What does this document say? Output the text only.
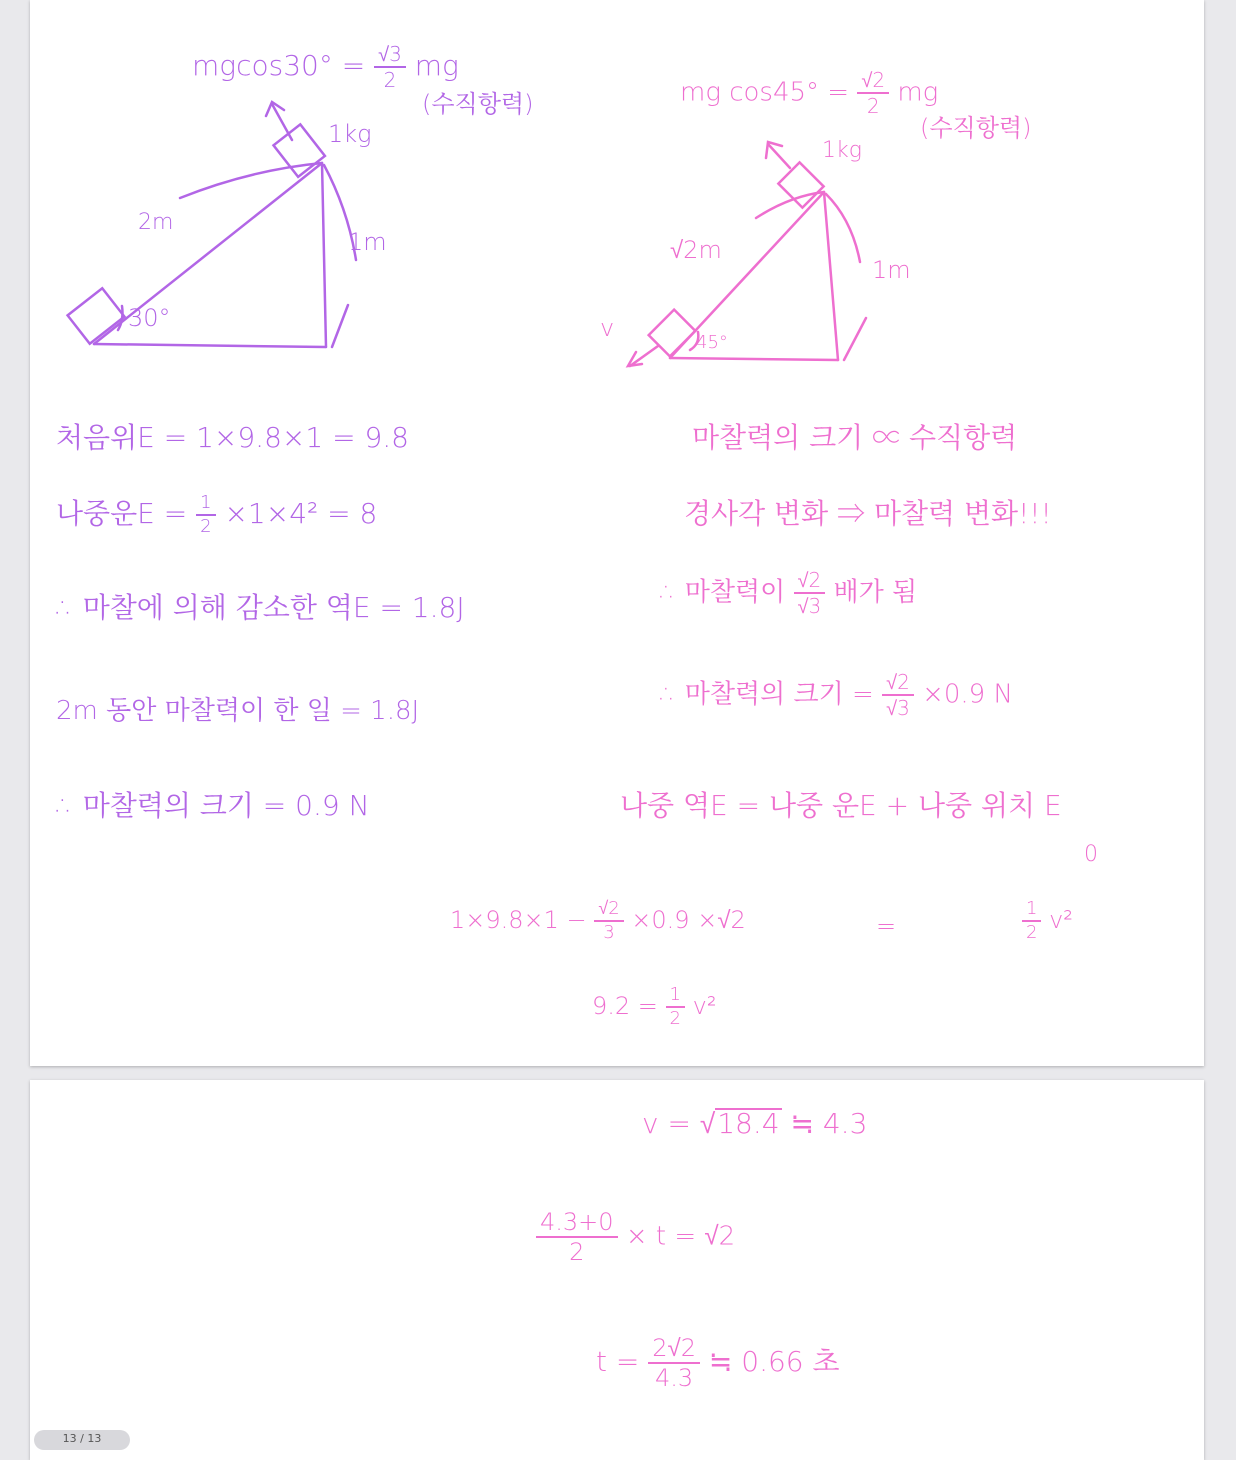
$mgcos30^\circ = \frac{√3}{2}$ mg
(수직항력)
1kg
2m
1m
30°
mg $\cos 45^\circ = \frac{√2}{2}$ mg
(수직항력)
1kg
√2m
1m
45°
v
처음위E = 1×9.8×1 = 9.8
나중운$E = \frac{1}{2} \times 1\times 4^2 = 8$
∴ 마찰에 의해 감소한 역E = 1.8J
2m 동안 마찰력이 한 일 = 1.8J
∴ 마찰력의 크기 = 0.9 N
마찰력의 크기 ∝ 수직항력
경사각 변화 ⇒ 마찰력 변화!!!
∴ 마찰력이 $\frac{√2}{√3}$ 배가 됨
∴ 마찰력의 크기 = $\frac{√2}{√3} \times 0.9$ N
나중 역E = 나중 운E + 나중 위치 E
0
$1\times 9.8\times 1 - \frac{√2}{3} \times 0.9 \times√2$	=	$\frac{1}{2} v^2$
$9.2 = \frac{1}{2} v^2$
v = √18.4 ≒ 4.3
$\frac{4.3+0}{2} \times t = √2$
$t = \frac{2√2}{4.3}$ ≒ 0.66 초
13 / 13
